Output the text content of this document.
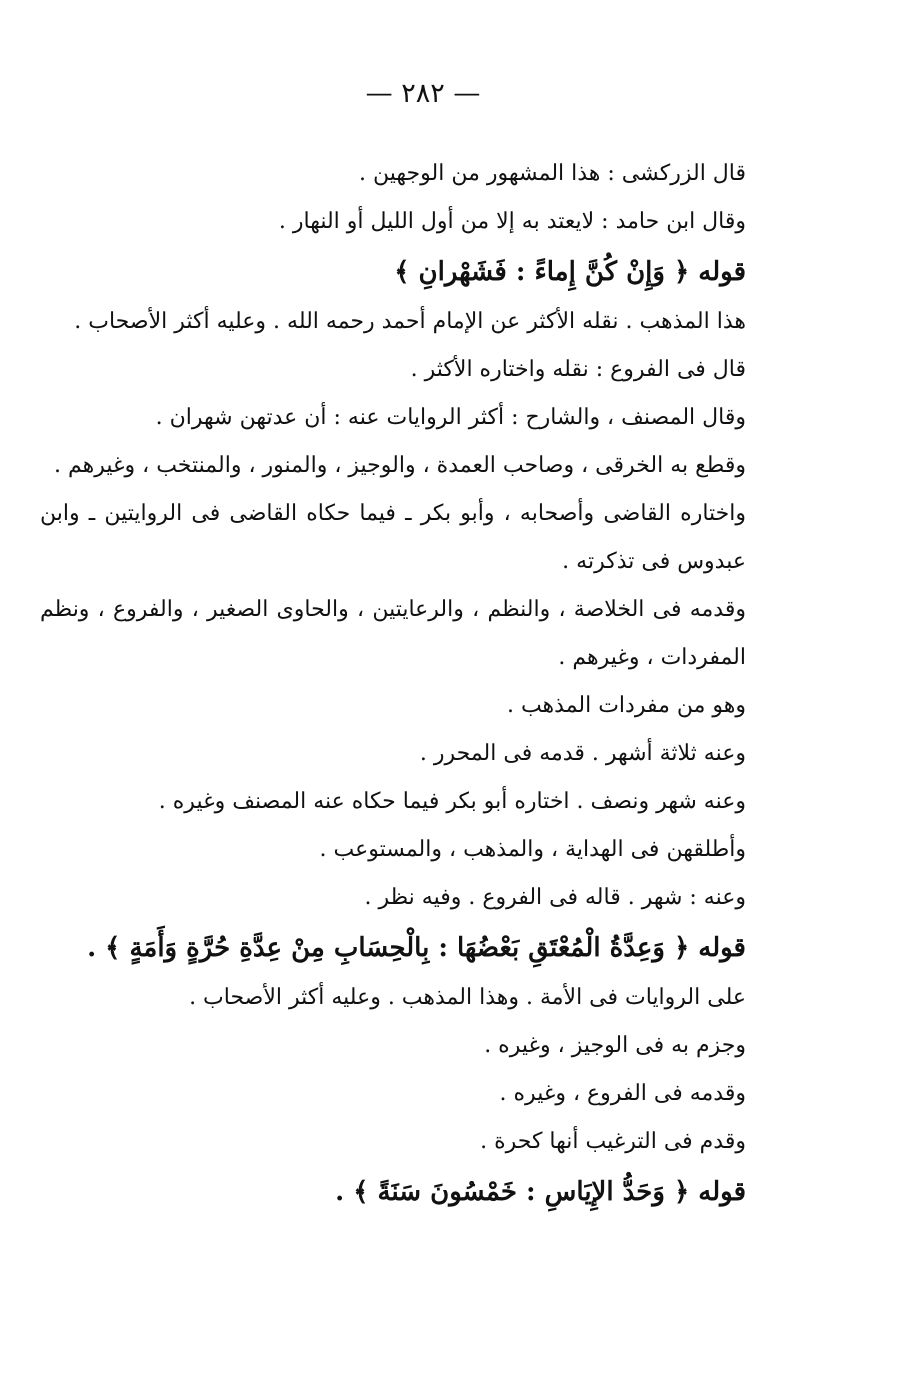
— ٢٨٢ —
قال الزركشى : هذا المشهور من الوجهين .
وقال ابن حامد : لايعتد به إلا من أول الليل أو النهار .
قوله ﴿ وَإِنْ كُنَّ إِماءً : فَشَهْرانِ ﴾
هذا المذهب . نقله الأكثر عن الإمام أحمد رحمه الله . وعليه أكثر الأصحاب .
قال فى الفروع : نقله واختاره الأكثر .
وقال المصنف ، والشارح : أكثر الروايات عنه : أن عدتهن شهران .
وقطع به الخرقى ، وصاحب العمدة ، والوجيز ، والمنور ، والمنتخب ، وغيرهم .
واختاره القاضى وأصحابه ، وأبو بكر ـ فيما حكاه القاضى فى الروايتين ـ وابن عبدوس فى تذكرته .
وقدمه فى الخلاصة ، والنظم ، والرعايتين ، والحاوى الصغير ، والفروع ، ونظم المفردات ، وغيرهم .
وهو من مفردات المذهب .
وعنه ثلاثة أشهر . قدمه فى المحرر .
وعنه شهر ونصف . اختاره أبو بكر فيما حكاه عنه المصنف وغيره .
وأطلقهن فى الهداية ، والمذهب ، والمستوعب .
وعنه : شهر . قاله فى الفروع . وفيه نظر .
قوله ﴿ وَعِدَّةُ الْمُعْتَقِ بَعْضُهَا : بِالْحِسَابِ مِنْ عِدَّةِ حُرَّةٍ وَأَمَةٍ ﴾ .
على الروايات فى الأمة . وهذا المذهب . وعليه أكثر الأصحاب .
وجزم به فى الوجيز ، وغيره .
وقدمه فى الفروع ، وغيره .
وقدم فى الترغيب أنها كحرة .
قوله ﴿ وَحَدُّ الإِيَاسِ : خَمْسُونَ سَنَةً ﴾ .
